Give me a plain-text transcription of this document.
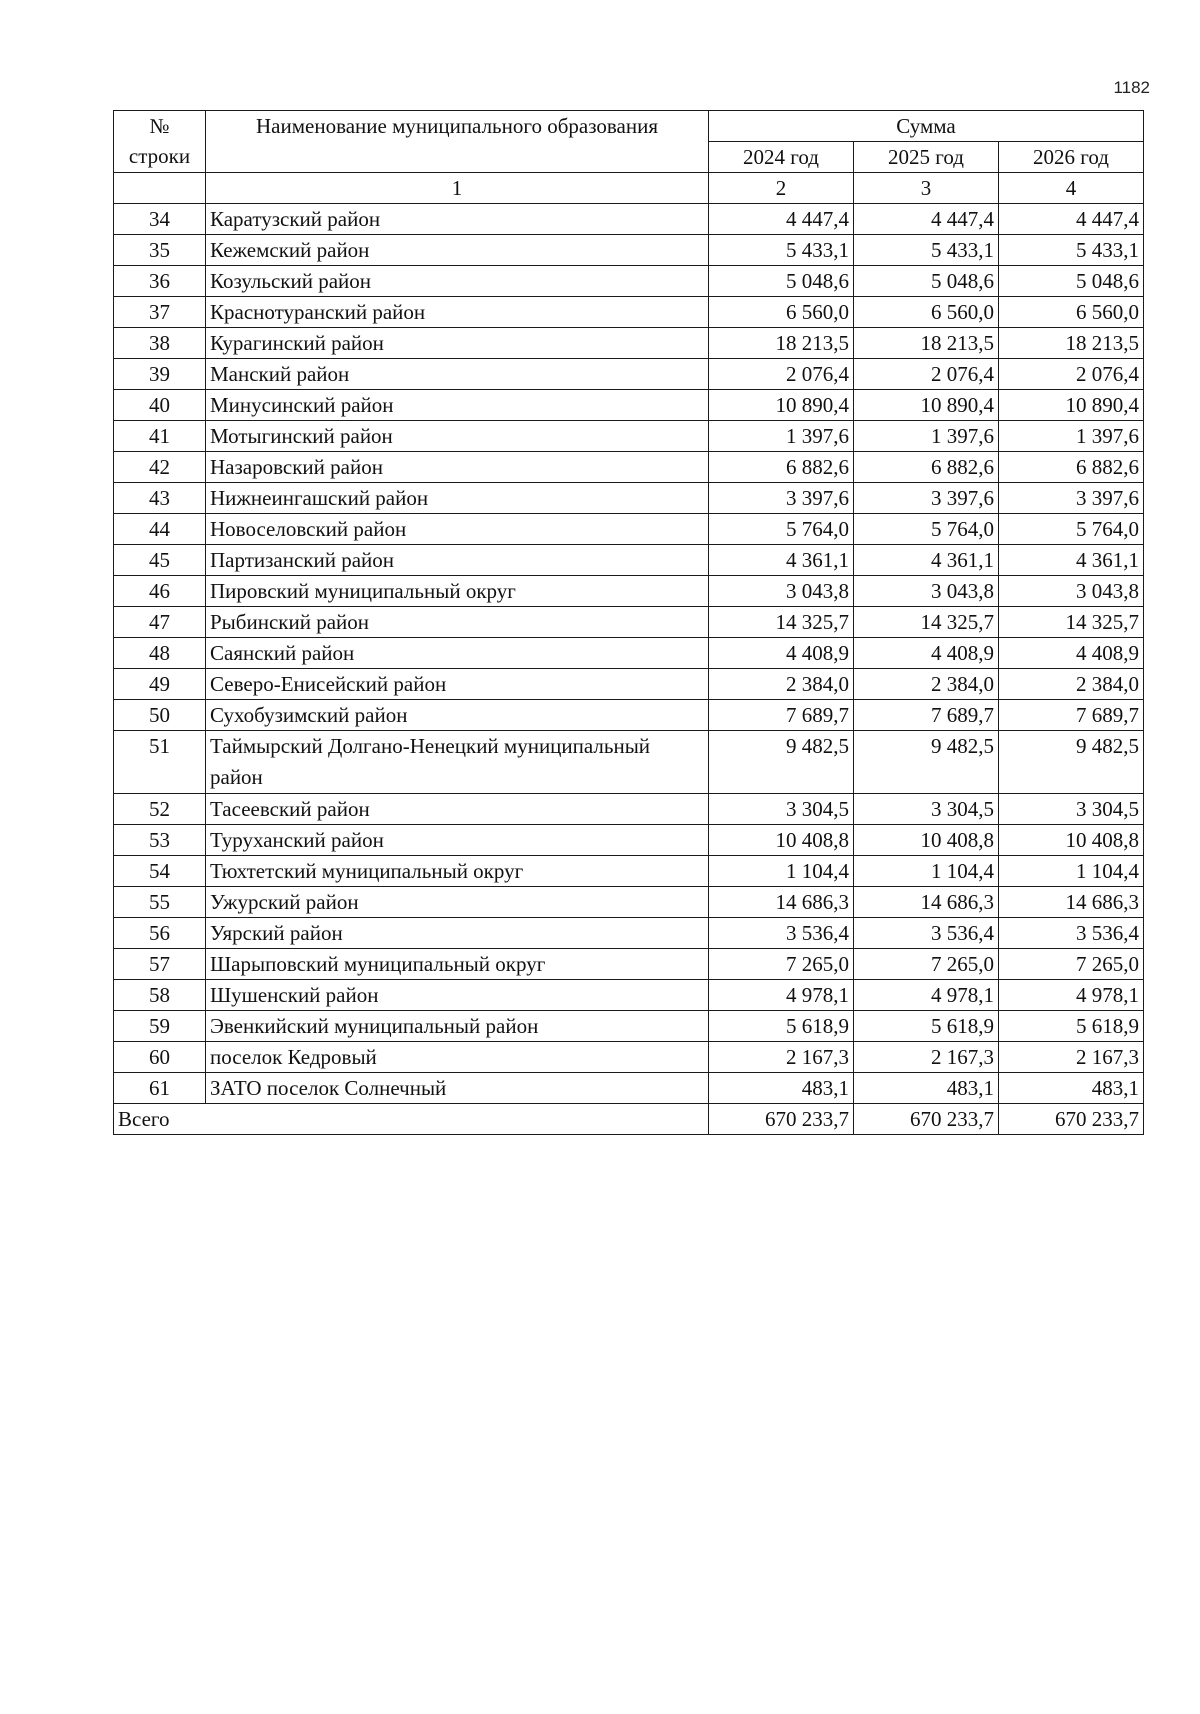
1182
№
строки	Наименование муниципального образования	Сумма		
		2024 год	2025 год	2026 год
	1	2	3	4
34	Каратузский район	4 447,4	4 447,4	4 447,4
35	Кежемский район	5 433,1	5 433,1	5 433,1
36	Козульский район	5 048,6	5 048,6	5 048,6
37	Краснотуранский район	6 560,0	6 560,0	6 560,0
38	Курагинский район	18 213,5	18 213,5	18 213,5
39	Манский район	2 076,4	2 076,4	2 076,4
40	Минусинский район	10 890,4	10 890,4	10 890,4
41	Мотыгинский район	1 397,6	1 397,6	1 397,6
42	Назаровский район	6 882,6	6 882,6	6 882,6
43	Нижнеингашский район	3 397,6	3 397,6	3 397,6
44	Новоселовский район	5 764,0	5 764,0	5 764,0
45	Партизанский район	4 361,1	4 361,1	4 361,1
46	Пировский муниципальный округ	3 043,8	3 043,8	3 043,8
47	Рыбинский район	14 325,7	14 325,7	14 325,7
48	Саянский район	4 408,9	4 408,9	4 408,9
49	Северо-Енисейский район	2 384,0	2 384,0	2 384,0
50	Сухобузимский район	7 689,7	7 689,7	7 689,7
51	Таймырский Долгано-Ненецкий муниципальный район	9 482,5	9 482,5	9 482,5
52	Тасеевский район	3 304,5	3 304,5	3 304,5
53	Туруханский район	10 408,8	10 408,8	10 408,8
54	Тюхтетский муниципальный округ	1 104,4	1 104,4	1 104,4
55	Ужурский район	14 686,3	14 686,3	14 686,3
56	Уярский район	3 536,4	3 536,4	3 536,4
57	Шарыповский муниципальный округ	7 265,0	7 265,0	7 265,0
58	Шушенский район	4 978,1	4 978,1	4 978,1
59	Эвенкийский муниципальный район	5 618,9	5 618,9	5 618,9
60	поселок Кедровый	2 167,3	2 167,3	2 167,3
61	ЗАТО поселок Солнечный	483,1	483,1	483,1
Всего		670 233,7	670 233,7	670 233,7
